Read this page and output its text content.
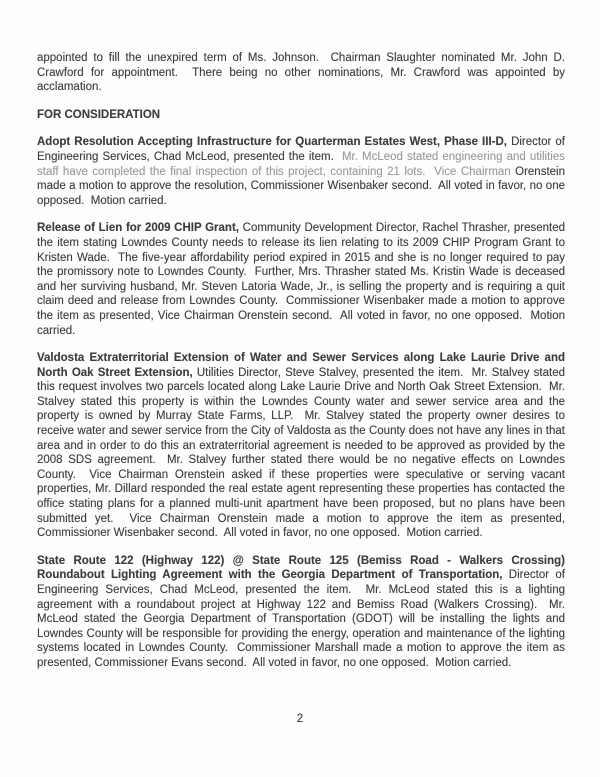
appointed to fill the unexpired term of Ms. Johnson.  Chairman Slaughter nominated Mr. John D. Crawford for appointment.  There being no other nominations, Mr. Crawford was appointed by acclamation.

FOR CONSIDERATION

Adopt Resolution Accepting Infrastructure for Quarterman Estates West, Phase III-D, Director of Engineering Services, Chad McLeod, presented the item.  Mr. McLeod stated engineering and utilities staff have completed the final inspection of this project, containing 21 lots.  Vice Chairman Orenstein made a motion to approve the resolution, Commissioner Wisenbaker second.  All voted in favor, no one opposed.  Motion carried.

Release of Lien for 2009 CHIP Grant, Community Development Director, Rachel Thrasher, presented the item stating Lowndes County needs to release its lien relating to its 2009 CHIP Program Grant to Kristen Wade.  The five-year affordability period expired in 2015 and she is no longer required to pay the promissory note to Lowndes County.  Further, Mrs. Thrasher stated Ms. Kristin Wade is deceased and her surviving husband, Mr. Steven Latoria Wade, Jr., is selling the property and is requiring a quit claim deed and release from Lowndes County.  Commissioner Wisenbaker made a motion to approve the item as presented, Vice Chairman Orenstein second.  All voted in favor, no one opposed.  Motion carried.

Valdosta Extraterritorial Extension of Water and Sewer Services along Lake Laurie Drive and North Oak Street Extension, Utilities Director, Steve Stalvey, presented the item.  Mr. Stalvey stated this request involves two parcels located along Lake Laurie Drive and North Oak Street Extension.  Mr. Stalvey stated this property is within the Lowndes County water and sewer service area and the property is owned by Murray State Farms, LLP.  Mr. Stalvey stated the property owner desires to receive water and sewer service from the City of Valdosta as the County does not have any lines in that area and in order to do this an extraterritorial agreement is needed to be approved as provided by the 2008 SDS agreement.  Mr. Stalvey further stated there would be no negative effects on Lowndes County.  Vice Chairman Orenstein asked if these properties were speculative or serving vacant properties, Mr. Dillard responded the real estate agent representing these properties has contacted the office stating plans for a planned multi-unit apartment have been proposed, but no plans have been submitted yet.  Vice Chairman Orenstein made a motion to approve the item as presented, Commissioner Wisenbaker second.  All voted in favor, no one opposed.  Motion carried.

State Route 122 (Highway 122) @ State Route 125 (Bemiss Road - Walkers Crossing) Roundabout Lighting Agreement with the Georgia Department of Transportation, Director of Engineering Services, Chad McLeod, presented the item.  Mr. McLeod stated this is a lighting agreement with a roundabout project at Highway 122 and Bemiss Road (Walkers Crossing).  Mr. McLeod stated the Georgia Department of Transportation (GDOT) will be installing the lights and Lowndes County will be responsible for providing the energy, operation and maintenance of the lighting systems located in Lowndes County.  Commissioner Marshall made a motion to approve the item as presented, Commissioner Evans second.  All voted in favor, no one opposed.  Motion carried.

2
